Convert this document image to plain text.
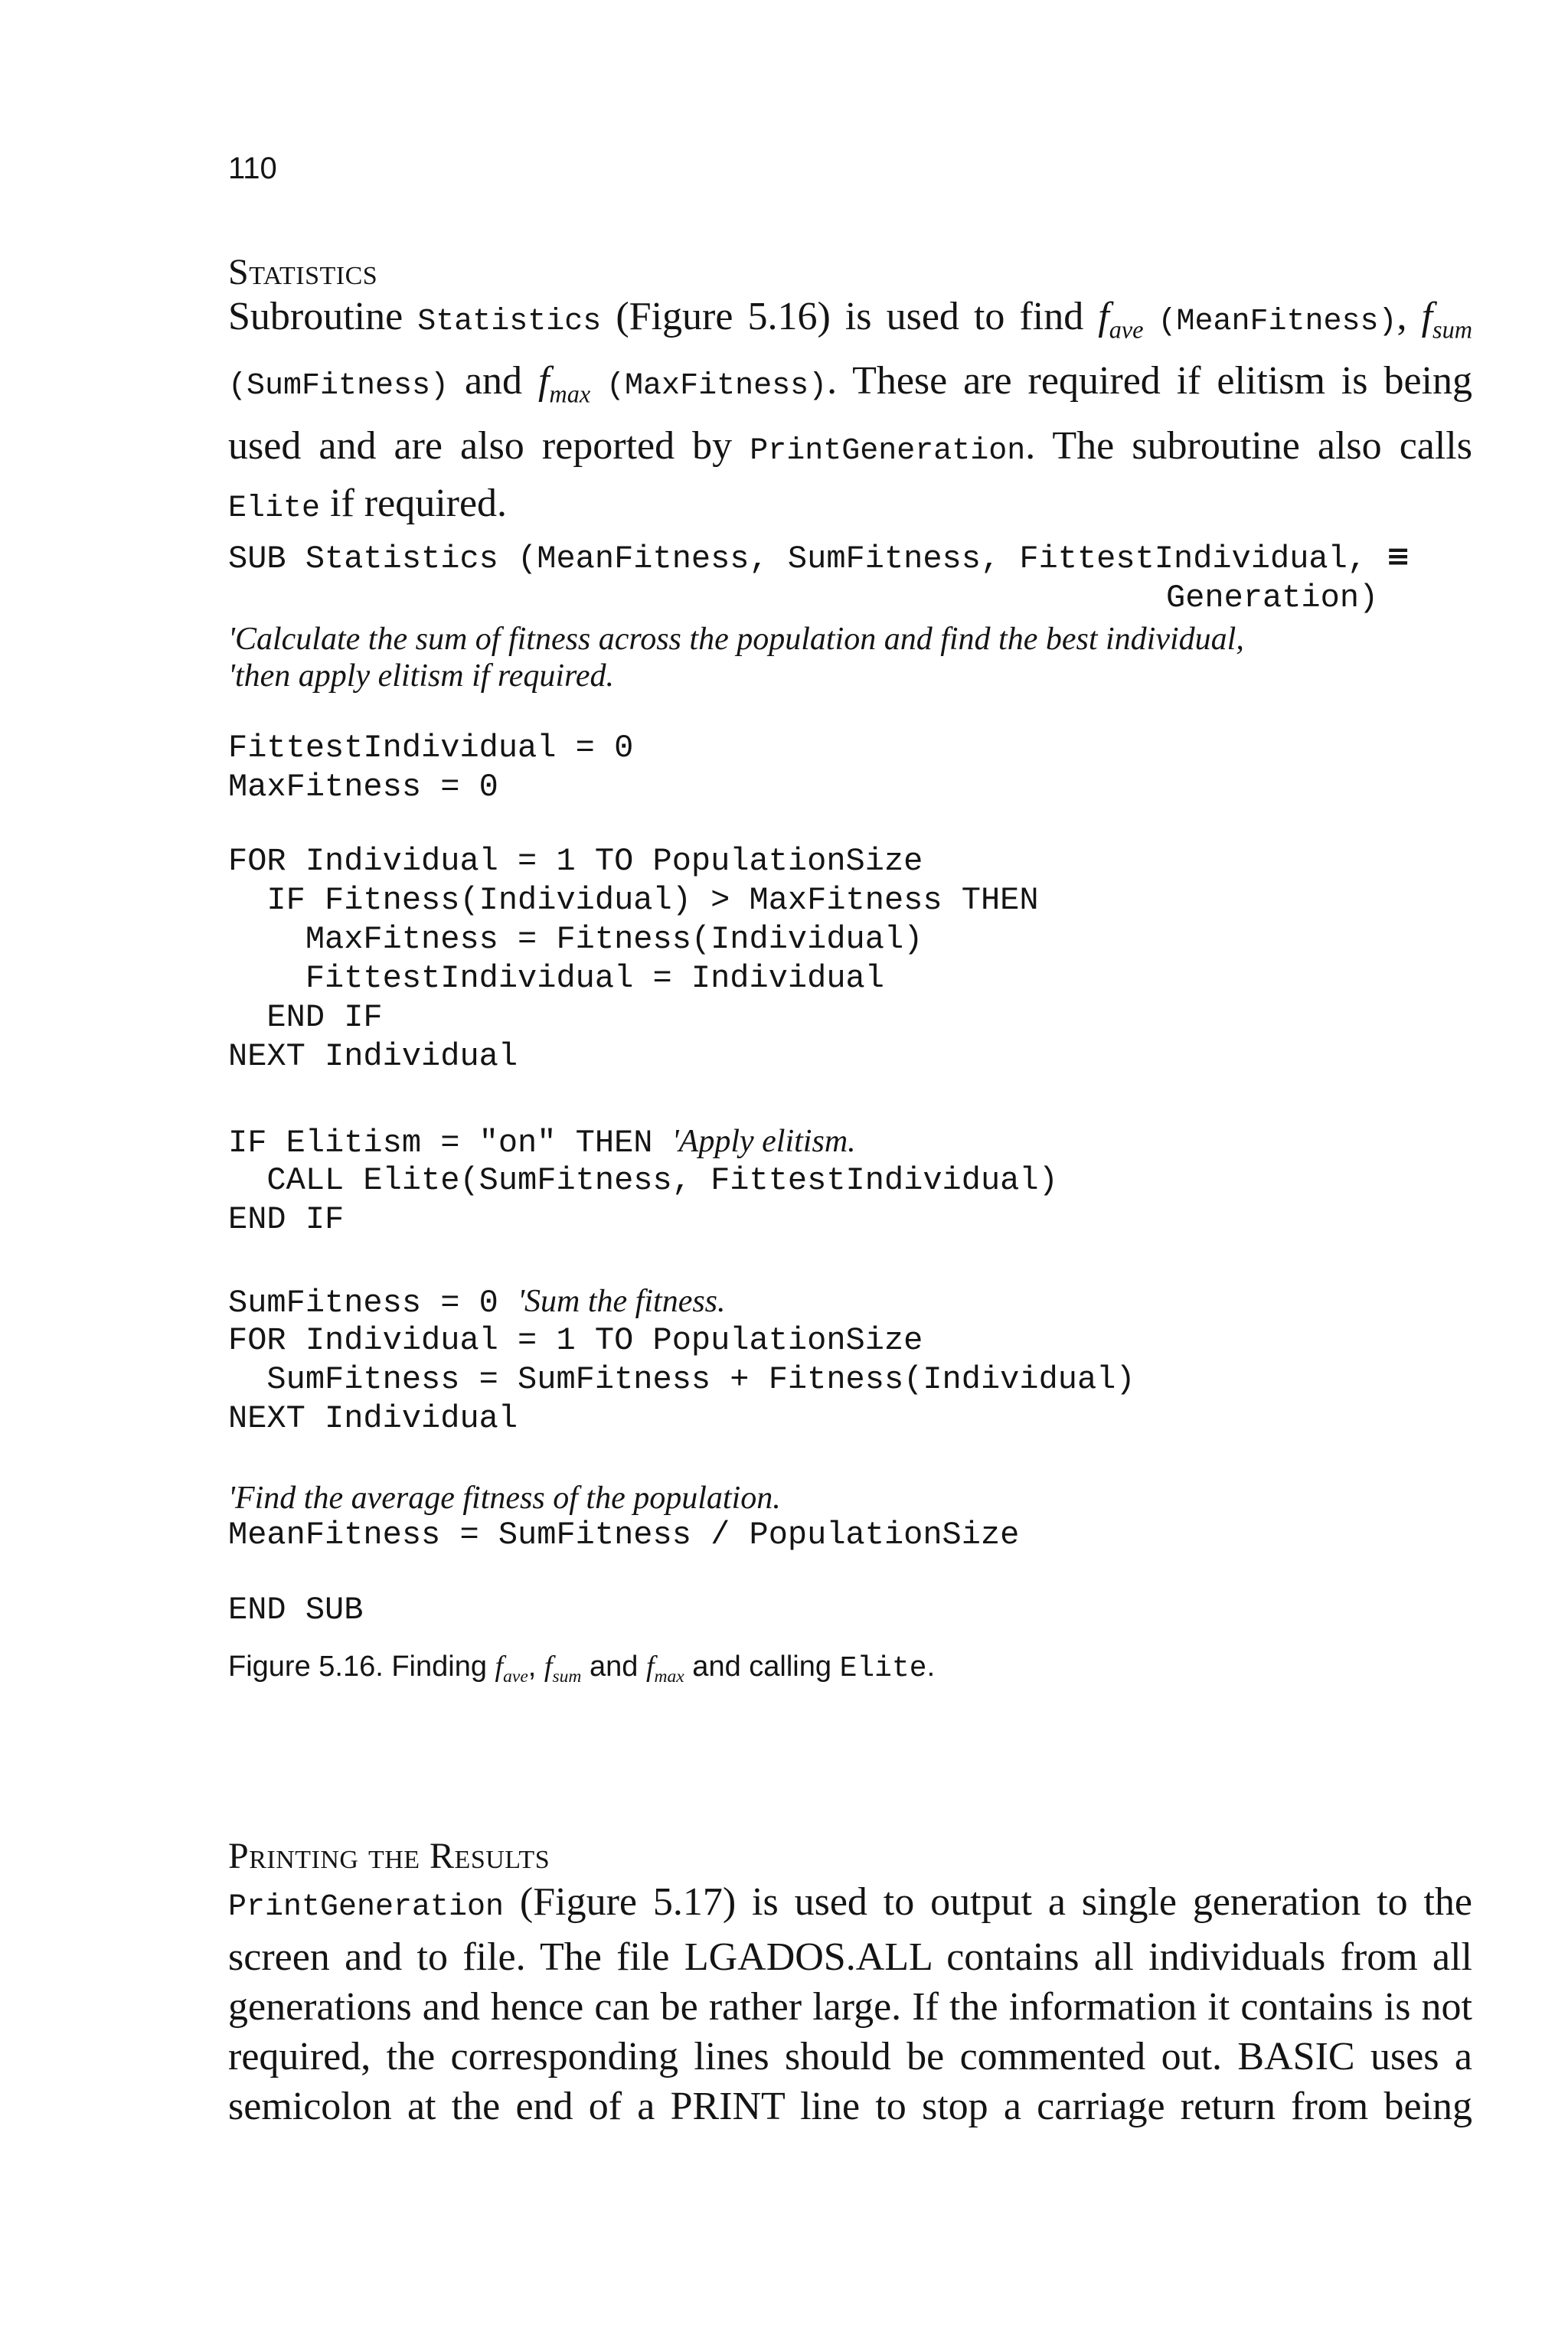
110
Statistics
Subroutine Statistics (Figure 5.16) is used to find $f_{ave}$ (MeanFitness), $f_{sum}$ (SumFitness) and $f_{max}$ (MaxFitness). These are required if elitism is being used and are also reported by PrintGeneration. The subroutine also calls Elite if required.
SUB Statistics (MeanFitness, SumFitness, FittestIndividual, ≡
Generation)
'Calculate the sum of fitness across the population and find the best individual,
'then apply elitism if required.
FittestIndividual = 0
MaxFitness = 0
FOR Individual = 1 TO PopulationSize
IF Fitness(Individual) > MaxFitness THEN
MaxFitness = Fitness(Individual)
FittestIndividual = Individual
END IF
NEXT Individual
IF Elitism = "on" THEN 'Apply elitism.
CALL Elite(SumFitness, FittestIndividual)
END IF
SumFitness = 0 'Sum the fitness.
FOR Individual = 1 TO PopulationSize
SumFitness = SumFitness + Fitness(Individual)
NEXT Individual
'Find the average fitness of the population.
MeanFitness = SumFitness / PopulationSize
END SUB
Figure 5.16. Finding $f_{ave}$, $f_{sum}$ and $f_{max}$ and calling Elite.
Printing the Results
PrintGeneration (Figure 5.17) is used to output a single generation to the screen and to file. The file LGADOS.ALL contains all individuals from all generations and hence can be rather large. If the information it contains is not required, the corresponding lines should be commented out. BASIC uses a semicolon at the end of a PRINT line to stop a carriage return from being
